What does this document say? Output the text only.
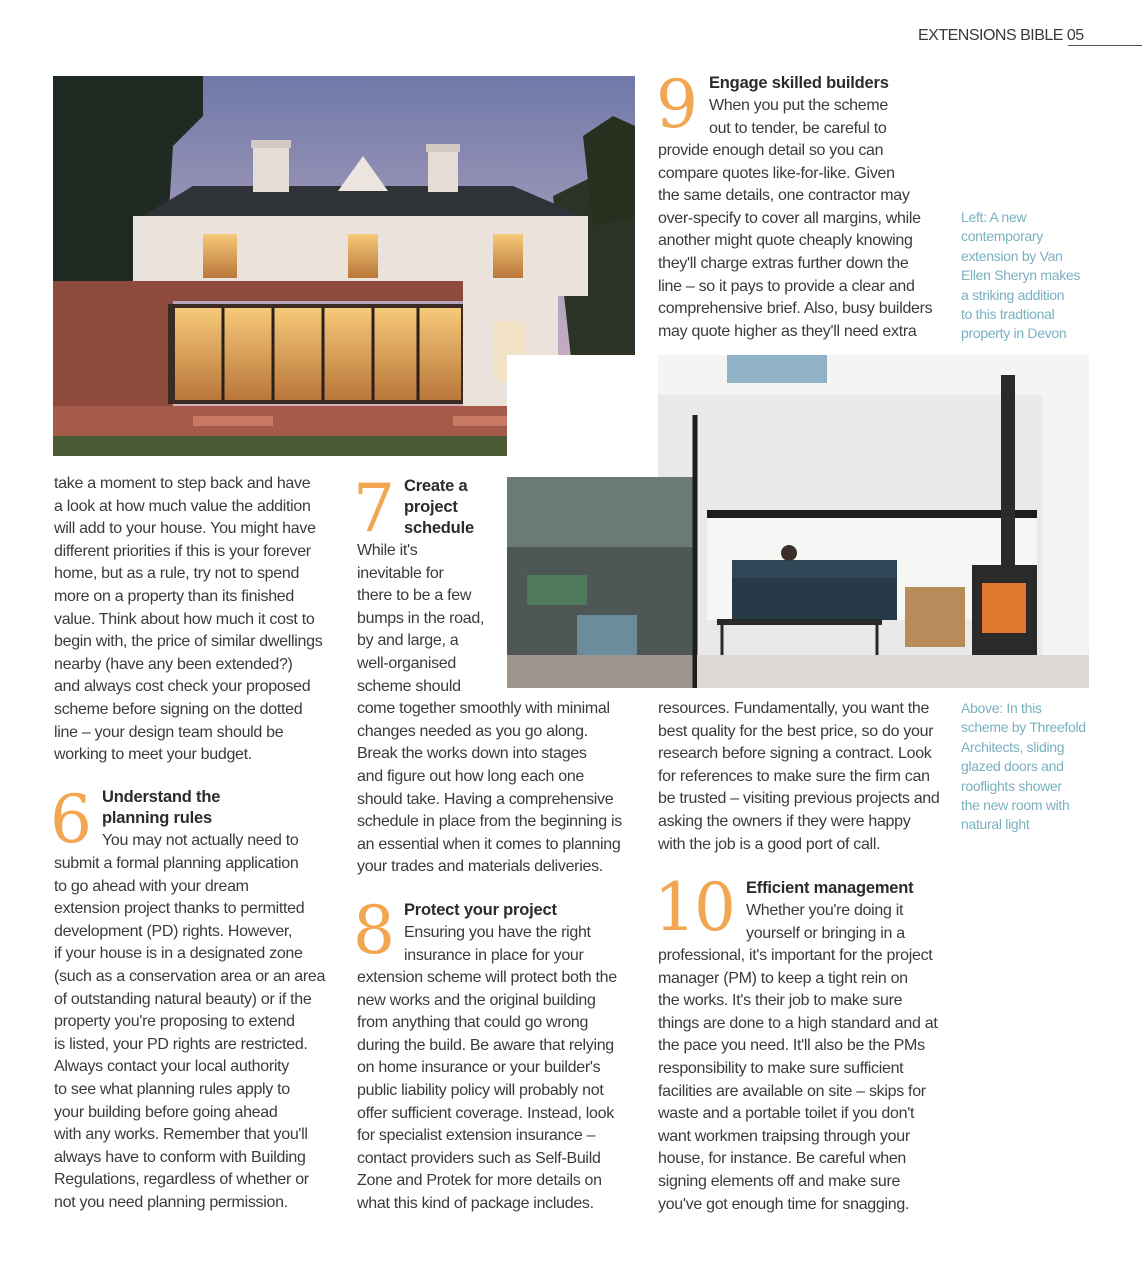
EXTENSIONS BIBLE 05

take a moment to step back and have

a look at how much value the addition

will add to your house. You might have

different priorities if this is your forever

home, but as a rule, try not to spend

more on a property than its finished

value. Think about how much it cost to

begin with, the price of similar dwellings

nearby (have any been extended?)

and always cost check your proposed

scheme before signing on the dotted

line – your design team should be

working to meet your budget.

6 Understand the
planning rules

You may not actually need to

submit a formal planning application

to go ahead with your dream

extension project thanks to permitted

development (PD) rights. However,

if your house is in a designated zone

(such as a conservation area or an area

of outstanding natural beauty) or if the

property you're proposing to extend

is listed, your PD rights are restricted.

Always contact your local authority

to see what planning rules apply to

your building before going ahead

with any works. Remember that you'll

always have to conform with Building

Regulations, regardless of whether or

not you need planning permission.

7 Create a
project
schedule

While it's

inevitable for

there to be a few

bumps in the road,

by and large, a

well-organised

scheme should

come together smoothly with minimal

changes needed as you go along.

Break the works down into stages

and figure out how long each one

should take. Having a comprehensive

schedule in place from the beginning is

an essential when it comes to planning

your trades and materials deliveries.

8 Protect your project

Ensuring you have the right

insurance in place for your

extension scheme will protect both the

new works and the original building

from anything that could go wrong

during the build. Be aware that relying

on home insurance or your builder's

public liability policy will probably not

offer sufficient coverage. Instead, look

for specialist extension insurance –

contact providers such as Self-Build

Zone and Protek for more details on

what this kind of package includes.

9 Engage skilled builders

When you put the scheme

out to tender, be careful to

provide enough detail so you can

compare quotes like-for-like. Given

the same details, one contractor may

over-specify to cover all margins, while

another might quote cheaply knowing

they'll charge extras further down the

line – so it pays to provide a clear and

comprehensive brief. Also, busy builders

may quote higher as they'll need extra

resources. Fundamentally, you want the

best quality for the best price, so do your

research before signing a contract. Look

for references to make sure the firm can

be trusted – visiting previous projects and

asking the owners if they were happy

with the job is a good port of call.

10 Efficient management

Whether you're doing it

yourself or bringing in a

professional, it's important for the project

manager (PM) to keep a tight rein on

the works. It's their job to make sure

things are done to a high standard and at

the pace you need. It'll also be the PMs

responsibility to make sure sufficient

facilities are available on site – skips for

waste and a portable toilet if you don't

want workmen traipsing through your

house, for instance. Be careful when

signing elements off and make sure

you've got enough time for snagging.

Left: A new
contemporary
extension by Van
Ellen Sheryn makes
a striking addition
to this tradtional
property in Devon
Above: In this
scheme by Threefold
Architects, sliding
glazed doors and
rooflights shower
the new room with
natural light
